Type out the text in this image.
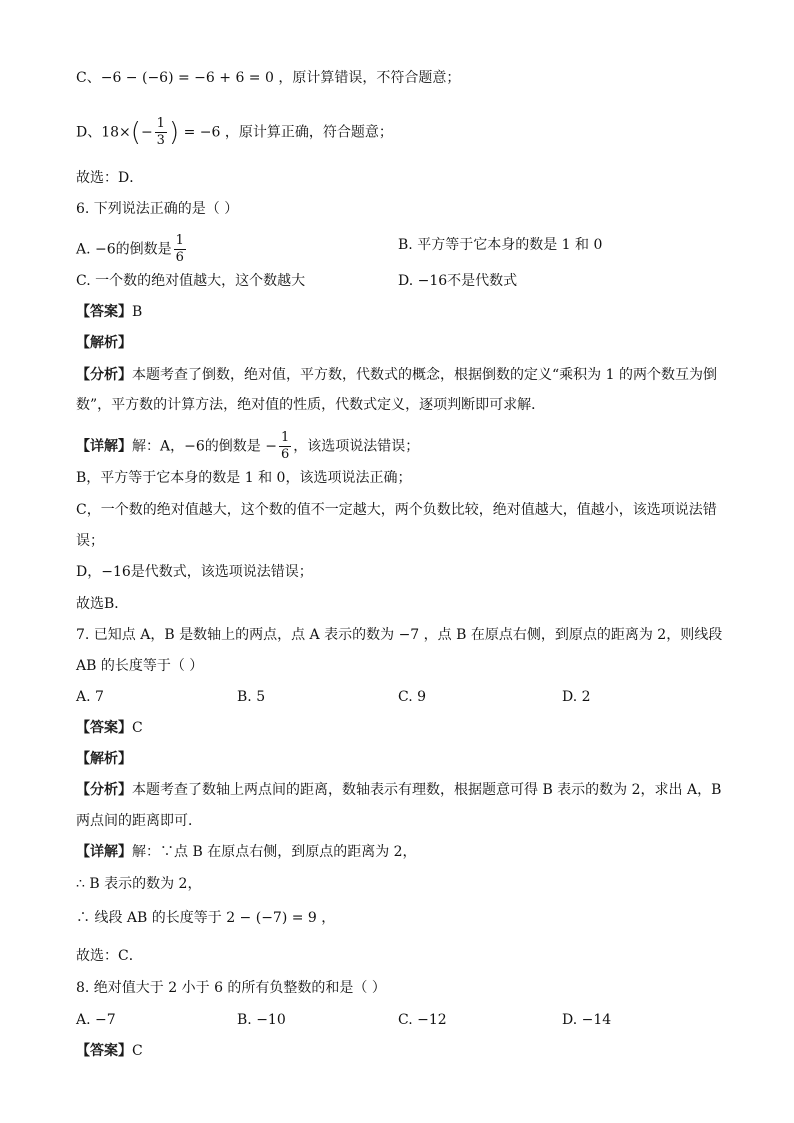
C、−6 − (−6) = −6 + 6 = 0 ，原计算错误，不符合题意；
D、$18\times(- \frac{1}{3}$ ) = −6 ，原计算正确，符合题意；
故选：D．
6. 下列说法正确的是（ ）
A. −6的倒数是 $\frac{1}{6}$	B. 平方等于它本身的数是 1 和 0
C. 一个数的绝对值越大，这个数越大	D. −16不是代数式
【答案】B
【解析】
【分析】本题考查了倒数，绝对值，平方数，代数式的概念，根据倒数的定义“乘积为 1 的两个数互为倒
数”，平方数的计算方法，绝对值的性质，代数式定义，逐项判断即可求解．
【详解】解：A，−6的倒数是 − $\frac{1}{6}$ ，该选项说法错误；
B，平方等于它本身的数是 1 和 0，该选项说法正确；
C，一个数的绝对值越大，这个数的值不一定越大，两个负数比较，绝对值越大，值越小，该选项说法错
误；
D，−16是代数式，该选项说法错误；
故选B．
7. 已知点 A，B 是数轴上的两点，点 A 表示的数为 −7 ，点 B 在原点右侧，到原点的距离为 2，则线段
AB 的长度等于（ ）
A. 7	B. 5	C. 9	D. 2
【答案】C
【解析】
【分析】本题考查了数轴上两点间的距离，数轴表示有理数，根据题意可得 B 表示的数为 2，求出 A，B
两点间的距离即可．
【详解】解：∵点 B 在原点右侧，到原点的距离为 2，
∴ B 表示的数为 2，
∴ 线段 AB 的长度等于 2 − (−7) = 9 ，
故选：C．
8. 绝对值大于 2 小于 6 的所有负整数的和是（ ）
A. −7	B. −10	C. −12	D. −14
【答案】C
